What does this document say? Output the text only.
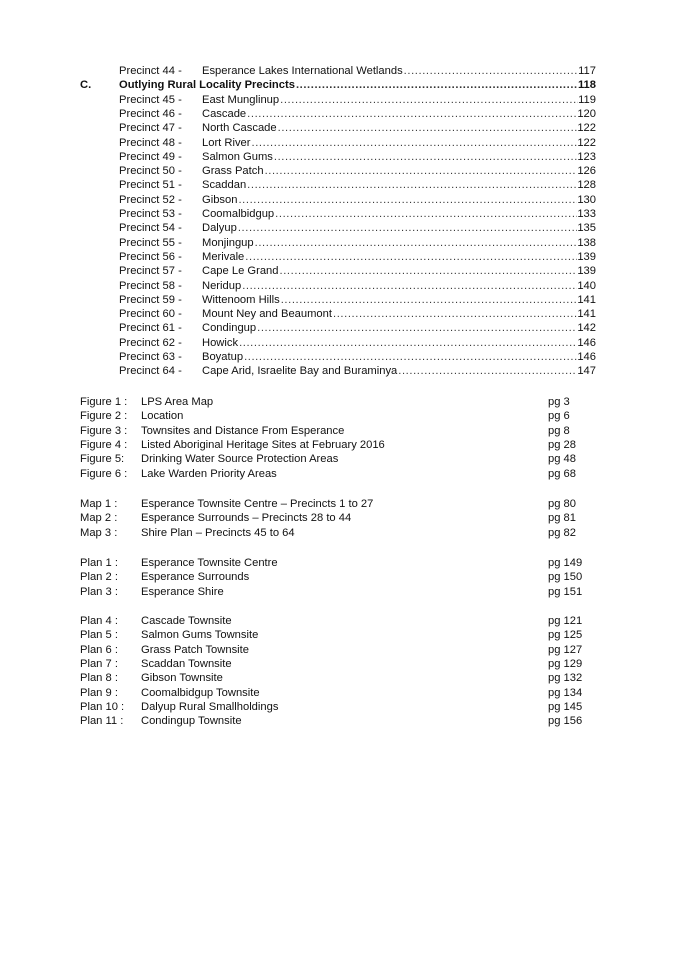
Precinct 44 -	Esperance Lakes International Wetlands .....	117
C.	Outlying Rural Locality Precincts .....	118
Precinct 45 -	East Munglinup .....	119
Precinct 46 -	Cascade .....	120
Precinct 47 -	North Cascade .....	122
Precinct 48 -	Lort River .....	122
Precinct 49 -	Salmon Gums .....	123
Precinct 50 -	Grass Patch .....	126
Precinct 51 -	Scaddan .....	128
Precinct 52 -	Gibson .....	130
Precinct 53 -	Coomalbidgup .....	133
Precinct 54 -	Dalyup .....	135
Precinct 55 -	Monjingup .....	138
Precinct 56 -	Merivale .....	139
Precinct 57 -	Cape Le Grand .....	139
Precinct 58 -	Neridup .....	140
Precinct 59 -	Wittenoom Hills .....	141
Precinct 60 -	Mount Ney and Beaumont .....	141
Precinct 61 -	Condingup .....	142
Precinct 62 -	Howick .....	146
Precinct 63 -	Boyatup .....	146
Precinct 64 -	Cape Arid, Israelite Bay and Buraminya .....	147
Figure 1 :	LPS Area Map	pg 3
Figure 2 :	Location	pg 6
Figure 3 :	Townsites and Distance From Esperance	pg 8
Figure 4 :	Listed Aboriginal Heritage Sites at February 2016	pg 28
Figure 5:	Drinking Water Source Protection Areas	pg 48
Figure 6 :	Lake Warden Priority Areas	pg 68
Map 1 :	Esperance Townsite Centre – Precincts 1 to 27	pg 80
Map 2 :	Esperance Surrounds – Precincts 28 to 44	pg 81
Map 3 :	Shire Plan – Precincts 45 to 64	pg 82
Plan 1 :	Esperance Townsite Centre	pg 149
Plan 2 :	Esperance Surrounds	pg 150
Plan 3 :	Esperance Shire	pg 151
Plan 4 :	Cascade Townsite	pg 121
Plan 5 :	Salmon Gums Townsite	pg 125
Plan 6 :	Grass Patch Townsite	pg 127
Plan 7 :	Scaddan Townsite	pg 129
Plan 8 :	Gibson Townsite	pg 132
Plan 9 :	Coomalbidgup Townsite	pg 134
Plan 10 :	Dalyup Rural Smallholdings	pg 145
Plan 11 :	Condingup Townsite	pg 156
